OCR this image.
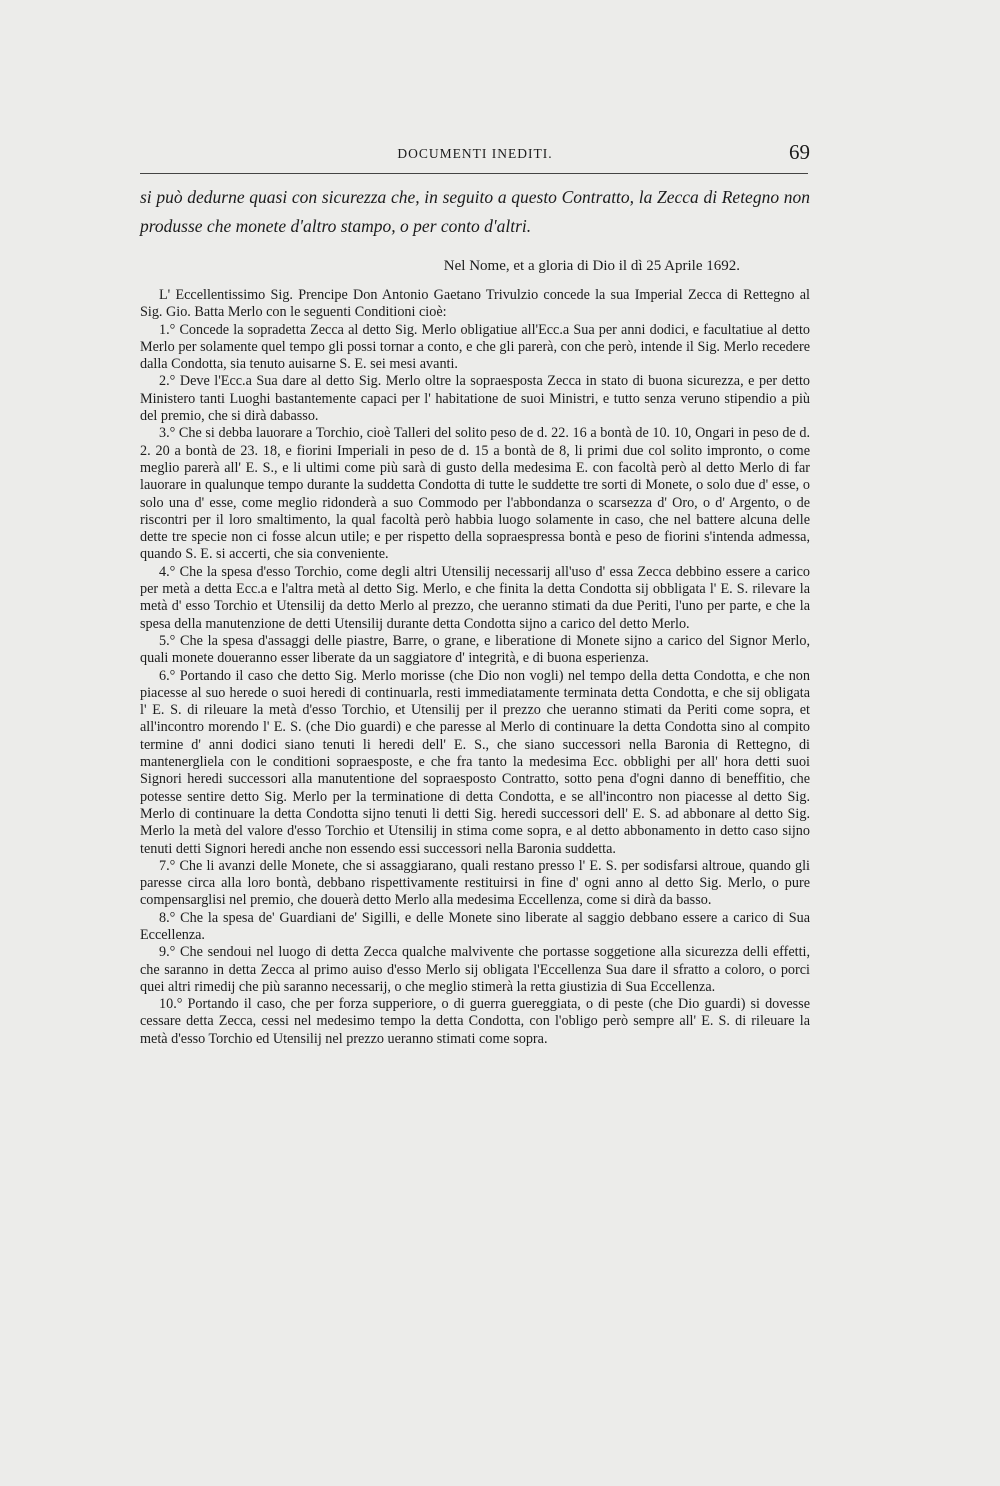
DOCUMENTI INEDITI.	69
si può dedurne quasi con sicurezza che, in seguito a questo Contratto, la Zecca di Retegno non produsse che monete d'altro stampo, o per conto d'altri.
Nel Nome, et a gloria di Dio il dì 25 Aprile 1692.

L' Eccellentissimo Sig. Prencipe Don Antonio Gaetano Trivulzio concede la sua Imperial Zecca di Rettegno al Sig. Gio. Batta Merlo con le seguenti Conditioni cioè:

1.° Concede la sopradetta Zecca al detto Sig. Merlo obligatiue all'Ecc.a Sua per anni dodici, e facultatiue al detto Merlo per solamente quel tempo gli possi tornar a conto, e che gli parerà, con che però, intende il Sig. Merlo recedere dalla Condotta, sia tenuto auisarne S. E. sei mesi avanti.

2.° Deve l'Ecc.a Sua dare al detto Sig. Merlo oltre la sopraesposta Zecca in stato di buona sicurezza, e per detto Ministero tanti Luoghi bastantemente capaci per l' habitatione de suoi Ministri, e tutto senza veruno stipendio a più del premio, che si dirà dabasso.

3.° Che si debba lauorare a Torchio, cioè Talleri del solito peso de d. 22. 16 a bontà de 10. 10, Ongari in peso de d. 2. 20 a bontà de 23. 18, e fiorini Imperiali in peso de d. 15 a bontà de 8, li primi due col solito impronto, o come meglio parerà all' E. S., e li ultimi come più sarà di gusto della medesima E. con facoltà però al detto Merlo di far lauorare in qualunque tempo durante la suddetta Condotta di tutte le suddette tre sorti di Monete, o solo due d' esse, o solo una d' esse, come meglio ridonderà a suo Commodo per l'abbondanza o scarsezza d' Oro, o d' Argento, o de riscontri per il loro smaltimento, la qual facoltà però habbia luogo solamente in caso, che nel battere alcuna delle dette tre specie non ci fosse alcun utile; e per rispetto della sopraespressa bontà e peso de fiorini s'intenda admessa, quando S. E. si accerti, che sia conveniente.

4.° Che la spesa d'esso Torchio, come degli altri Utensilij necessarij all'uso d' essa Zecca debbino essere a carico per metà a detta Ecc.a e l'altra metà al detto Sig. Merlo, e che finita la detta Condotta sij obbligata l' E. S. rilevare la metà d' esso Torchio et Utensilij da detto Merlo al prezzo, che ueranno stimati da due Periti, l'uno per parte, e che la spesa della manutenzione de detti Utensilij durante detta Condotta sijno a carico del detto Merlo.

5.° Che la spesa d'assaggi delle piastre, Barre, o grane, e liberatione di Monete sijno a carico del Signor Merlo, quali monete doueranno esser liberate da un saggiatore d' integrità, e di buona esperienza.

6.° Portando il caso che detto Sig. Merlo morisse (che Dio non vogli) nel tempo della detta Condotta, e che non piacesse al suo herede o suoi heredi di continuarla, resti immediatamente terminata detta Condotta, e che sij obligata l' E. S. di rileuare la metà d'esso Torchio, et Utensilij per il prezzo che ueranno stimati da Periti come sopra, et all'incontro morendo l' E. S. (che Dio guardi) e che paresse al Merlo di continuare la detta Condotta sino al compito termine d' anni dodici siano tenuti li heredi dell' E. S., che siano successori nella Baronia di Rettegno, di mantenergliela con le conditioni sopraesposte, e che fra tanto la medesima Ecc. obblighi per all' hora detti suoi Signori heredi successori alla manutentione del sopraesposto Contratto, sotto pena d'ogni danno di beneffitio, che potesse sentire detto Sig. Merlo per la terminatione di detta Condotta, e se all'incontro non piacesse al detto Sig. Merlo di continuare la detta Condotta sijno tenuti li detti Sig. heredi successori dell' E. S. ad abbonare al detto Sig. Merlo la metà del valore d'esso Torchio et Utensilij in stima come sopra, e al detto abbonamento in detto caso sijno tenuti detti Signori heredi anche non essendo essi successori nella Baronia suddetta.

7.° Che li avanzi delle Monete, che si assaggiarano, quali restano presso l' E. S. per sodisfarsi altroue, quando gli paresse circa alla loro bontà, debbano rispettivamente restituirsi in fine d' ogni anno al detto Sig. Merlo, o pure compensarglisi nel premio, che douerà detto Merlo alla medesima Eccellenza, come si dirà da basso.

8.° Che la spesa de' Guardiani de' Sigilli, e delle Monete sino liberate al saggio debbano essere a carico di Sua Eccellenza.

9.° Che sendoui nel luogo di detta Zecca qualche malvivente che portasse soggetione alla sicurezza delli effetti, che saranno in detta Zecca al primo auiso d'esso Merlo sij obligata l'Eccellenza Sua dare il sfratto a coloro, o porci quei altri rimedij che più saranno necessarij, o che meglio stimerà la retta giustizia di Sua Eccellenza.

10.° Portando il caso, che per forza supperiore, o di guerra guereggiata, o di peste (che Dio guardi) si dovesse cessare detta Zecca, cessi nel medesimo tempo la detta Condotta, con l'obligo però sempre all' E. S. di rileuare la metà d'esso Torchio ed Utensilij nel prezzo ueranno stimati come sopra.
